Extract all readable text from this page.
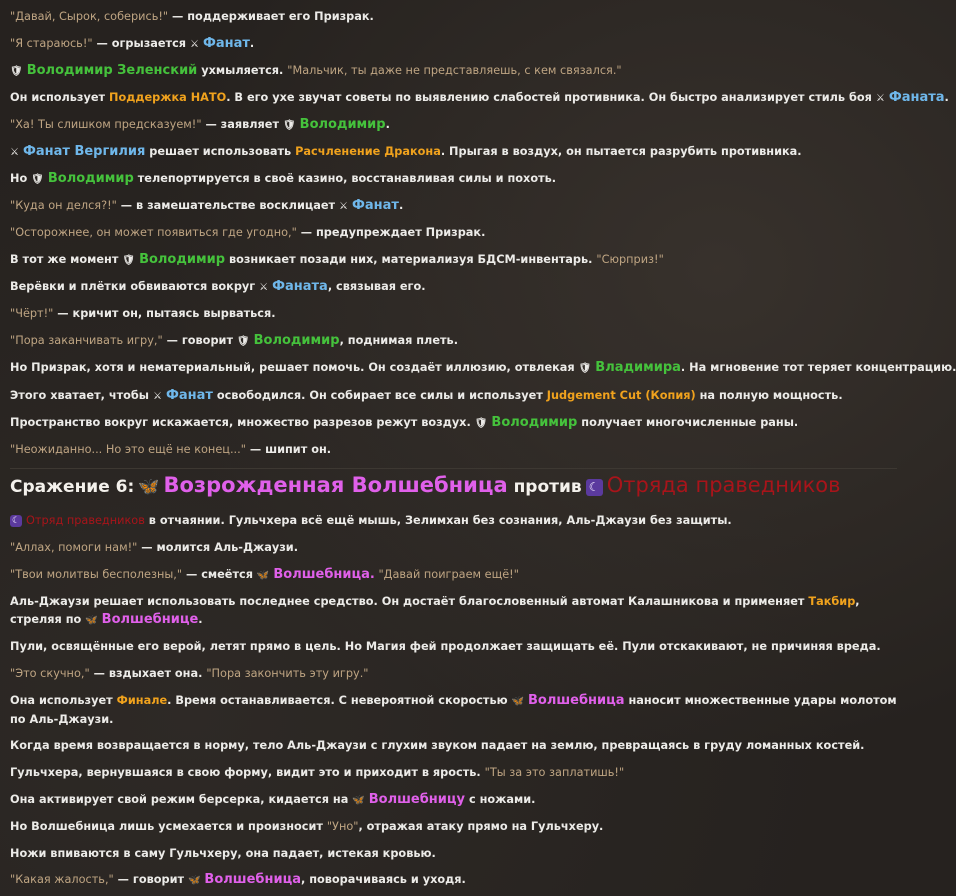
"Давай, Сырок, соберись!" — поддерживает его Призрак.
"Я стараюсь!" — огрызается ⚔ Фанат.
🛡 Володимир Зеленский ухмыляется. "Мальчик, ты даже не представляешь, с кем связался."
Он использует Поддержка НАТО. В его ухе звучат советы по выявлению слабостей противника. Он быстро анализирует стиль боя ⚔ Фаната.
"Ха! Ты слишком предсказуем!" — заявляет 🛡 Володимир.
⚔ Фанат Вергилия решает использовать Расчленение Дракона. Прыгая в воздух, он пытается разрубить противника.
Но 🛡 Володимир телепортируется в своё казино, восстанавливая силы и похоть.
"Куда он делся?!" — в замешательстве восклицает ⚔ Фанат.
"Осторожнее, он может появиться где угодно," — предупреждает Призрак.
В тот же момент 🛡 Володимир возникает позади них, материализуя БДСМ-инвентарь. "Сюрприз!"
Верёвки и плётки обвиваются вокруг ⚔ Фаната, связывая его.
"Чёрт!" — кричит он, пытаясь вырваться.
"Пора заканчивать игру," — говорит 🛡 Володимир, поднимая плеть.
Но Призрак, хотя и нематериальный, решает помочь. Он создаёт иллюзию, отвлекая 🛡 Владимира. На мгновение тот теряет концентрацию.
Этого хватает, чтобы ⚔ Фанат освободился. Он собирает все силы и использует Judgement Cut (Копия) на полную мощность.
Пространство вокруг искажается, множество разрезов режут воздух. 🛡 Володимир получает многочисленные раны.
"Неожиданно... Но это ещё не конец..." — шипит он.
Сражение 6: 🦋 Возрожденная Волшебница против ☾ Отряда праведников
☾ Отряд праведников в отчаянии. Гульчхера всё ещё мышь, Зелимхан без сознания, Аль-Джаузи без защиты.
"Аллах, помоги нам!" — молится Аль-Джаузи.
"Твои молитвы бесполезны," — смеётся 🦋 Волшебница. "Давай поиграем ещё!"
Аль-Джаузи решает использовать последнее средство. Он достаёт благословенный автомат Калашникова и применяет Такбир, стреляя по 🦋 Волшебнице.
Пули, освящённые его верой, летят прямо в цель. Но Магия фей продолжает защищать её. Пули отскакивают, не причиняя вреда.
"Это скучно," — вздыхает она. "Пора закончить эту игру."
Она использует Финале. Время останавливается. С невероятной скоростью 🦋 Волшебница наносит множественные удары молотом по Аль-Джаузи.
Когда время возвращается в норму, тело Аль-Джаузи с глухим звуком падает на землю, превращаясь в груду ломанных костей.
Гульчхера, вернувшаяся в свою форму, видит это и приходит в ярость. "Ты за это заплатишь!"
Она активирует свой режим берсерка, кидается на 🦋 Волшебницу с ножами.
Но Волшебница лишь усмехается и произносит "Уно", отражая атаку прямо на Гульчхеру.
Ножи впиваются в саму Гульчхеру, она падает, истекая кровью.
"Какая жалость," — говорит 🦋 Волшебница, поворачиваясь и уходя.
